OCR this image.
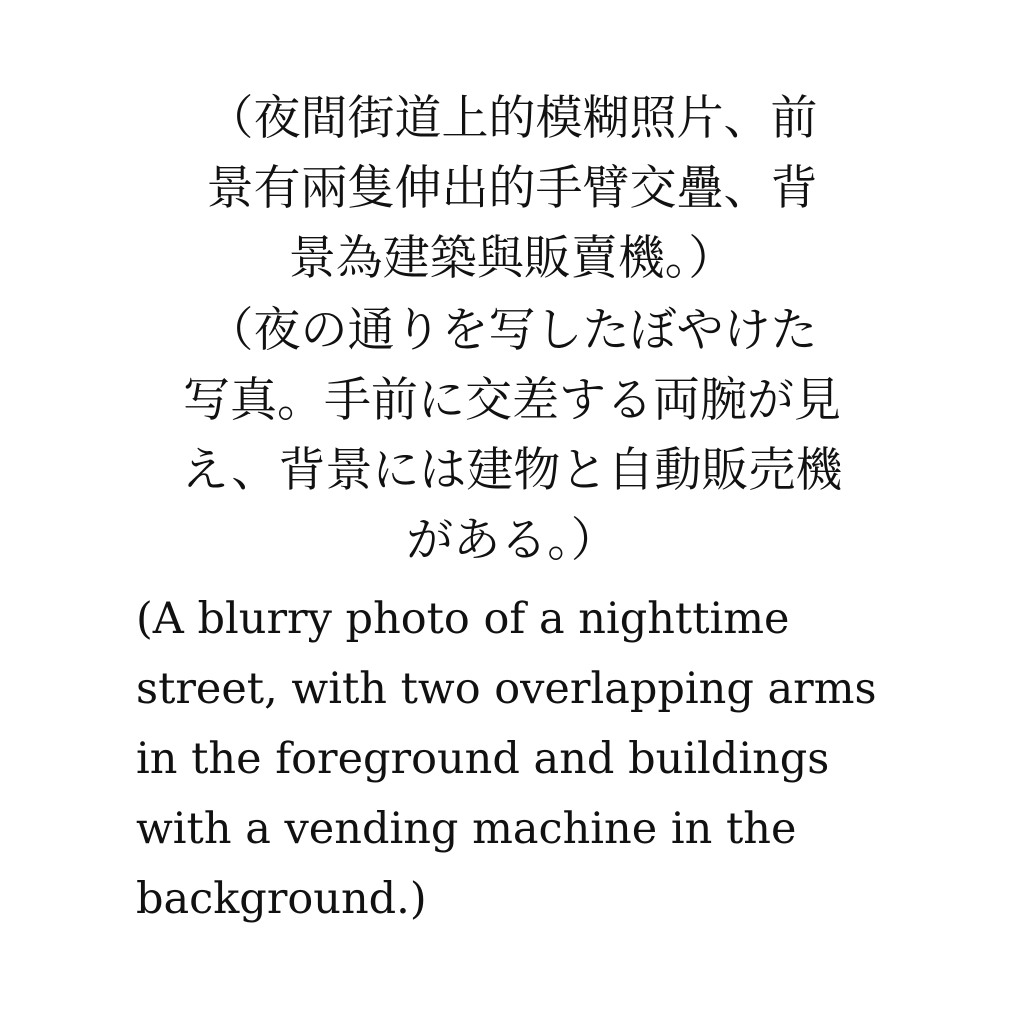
（夜間街道上的模糊照片、前
景有兩隻伸出的手臂交疊、背
景為建築與販賣機。）
（夜の通りを写したぼやけた
写真。手前に交差する両腕が見
え、背景には建物と自動販売機
がある。）
(A blurry photo of a nighttime
street, with two overlapping arms
in the foreground and buildings
with a vending machine in the
background.)
